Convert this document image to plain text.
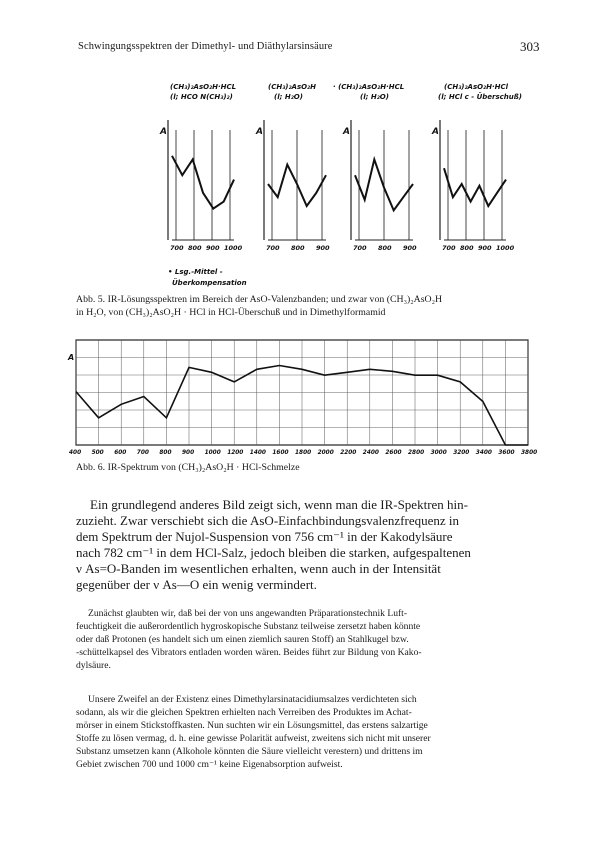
Schwingungsspektren der Dimethyl- und Diäthylarsinsäure	303
(CH₃)₂AsO₂H·HCL
(l; HCO N(CH₃)₂)
(CH₃)₂AsO₂H
(l; H₂O)
· (CH₃)₂AsO₂H·HCL
(l; H₂O)
(CH₃)₂AsO₂H·HCl
(l; HCl c - Überschuß)
A
700 800 900 1000
A
700 800 900
A
700 800 900
A
700 800 900 1000
400 500 600 700 800 900 1000 1200 1400 1600 1800 2000 2200 2400 2600 2800 3000 3200 3400 3600 3800
A
• Lsg.-Mittel -
Überkompensation
Abb. 5. IR-Lösungsspektren im Bereich der AsO-Valenzbanden; und zwar von (CH₃)₂AsO₂H
in H₂O, von (CH₃)₂AsO₂H · HCl in HCl-Überschuß und in Dimethylformamid
Abb. 6. IR-Spektrum von (CH₃)₂AsO₂H · HCl-Schmelze
Ein grundlegend anderes Bild zeigt sich, wenn man die IR-Spektren hin-
zuzieht. Zwar verschiebt sich die AsO-Einfachbindungsvalenzfrequenz in
dem Spektrum der Nujol-Suspension von 756 cm⁻¹ in der Kakodylsäure
nach 782 cm⁻¹ in dem HCl-Salz, jedoch bleiben die starken, aufgespaltenen
ν As=O-Banden im wesentlichen erhalten, wenn auch in der Intensität
gegenüber der ν As—O ein wenig vermindert.
Zunächst glaubten wir, daß bei der von uns angewandten Präparationstechnik Luft-
feuchtigkeit die außerordentlich hygroskopische Substanz teilweise zersetzt haben könnte
oder daß Protonen (es handelt sich um einen ziemlich sauren Stoff) an Stahlkugel bzw.
-schüttelkapsel des Vibrators entladen worden wären. Beides führt zur Bildung von Kako-
dylsäure.
Unsere Zweifel an der Existenz eines Dimethylarsinatacidiumsalzes verdichteten sich
sodann, als wir die gleichen Spektren erhielten nach Verreiben des Produktes im Achat-
mörser in einem Stickstoffkasten. Nun suchten wir ein Lösungsmittel, das erstens salzartige
Stoffe zu lösen vermag, d. h. eine gewisse Polarität aufweist, zweitens sich nicht mit unserer
Substanz umsetzen kann (Alkohole könnten die Säure vielleicht verestern) und drittens im
Gebiet zwischen 700 und 1000 cm⁻¹ keine Eigenabsorption aufweist.
